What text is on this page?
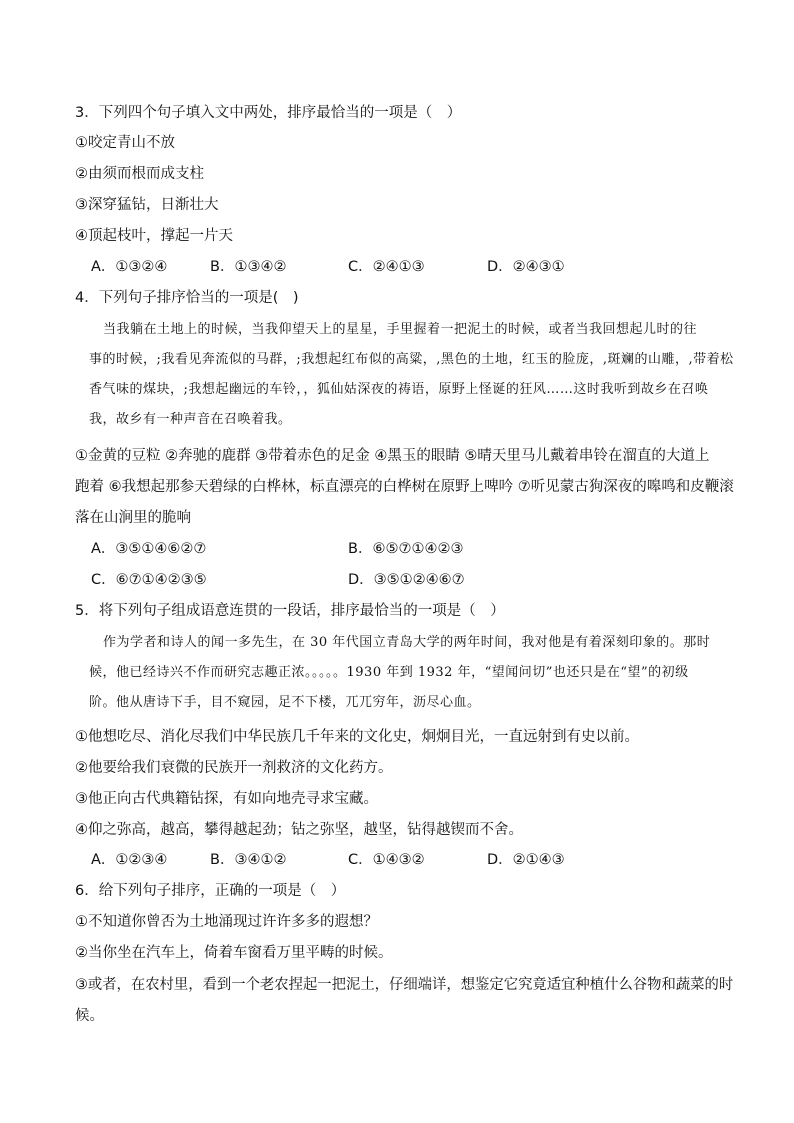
3．下列四个句子填入文中两处，排序最恰当的一项是（　）
①咬定青山不放
②由须而根而成支柱
③深穿猛钻，日渐壮大
④顶起枝叶，撑起一片天
A．①③②④	B．①③④②	C．②④①③	D．②④③①
4．下列句子排序恰当的一项是(　)
当我躺在土地上的时候，当我仰望天上的星星，手里握着一把泥土的时候，或者当我回想起儿时的往
事的时候，;我看见奔流似的马群，;我想起红布似的高粱，,黑色的土地，红玉的脸庞，,斑斓的山雕，,带着松
香气味的煤块，;我想起幽远的车铃，，狐仙姑深夜的祷语，原野上怪诞的狂风……这时我听到故乡在召唤
我，故乡有一种声音在召唤着我。
①金黄的豆粒 ②奔驰的鹿群 ③带着赤色的足金 ④黑玉的眼睛 ⑤晴天里马儿戴着串铃在溜直的大道上
跑着 ⑥我想起那参天碧绿的白桦林，标直漂亮的白桦树在原野上啤吟 ⑦听见蒙古狗深夜的嗥鸣和皮鞭滚
落在山涧里的脆响
A．③⑤①④⑥②⑦	B．⑥⑤⑦①④②③
C．⑥⑦①④②③⑤	D．③⑤①②④⑥⑦
5．将下列句子组成语意连贯的一段话，排序最恰当的一项是（　）
作为学者和诗人的闻一多先生，在 30 年代国立青岛大学的两年时间，我对他是有着深刻印象的。那时
候，他已经诗兴不作而研究志趣正浓。。。。。1930 年到 1932 年，“望闻问切”也还只是在“望”的初级
阶。他从唐诗下手，目不窥园，足不下楼，兀兀穷年，沥尽心血。
①他想吃尽、消化尽我们中华民族几千年来的文化史，炯炯目光，一直远射到有史以前。
②他要给我们衰微的民族开一剂救济的文化药方。
③他正向古代典籍钻探，有如向地壳寻求宝藏。
④仰之弥高，越高，攀得越起劲；钻之弥坚，越坚，钻得越锲而不舍。
A．①②③④	B．③④①②	C．①④③②	D．②①④③
6．给下列句子排序，正确的一项是（　）
①不知道你曾否为土地涌现过许许多多的遐想？
②当你坐在汽车上，倚着车窗看万里平畴的时候。
③或者，在农村里，看到一个老农捏起一把泥土，仔细端详，想鉴定它究竟适宜种植什么谷物和蔬菜的时
候。
